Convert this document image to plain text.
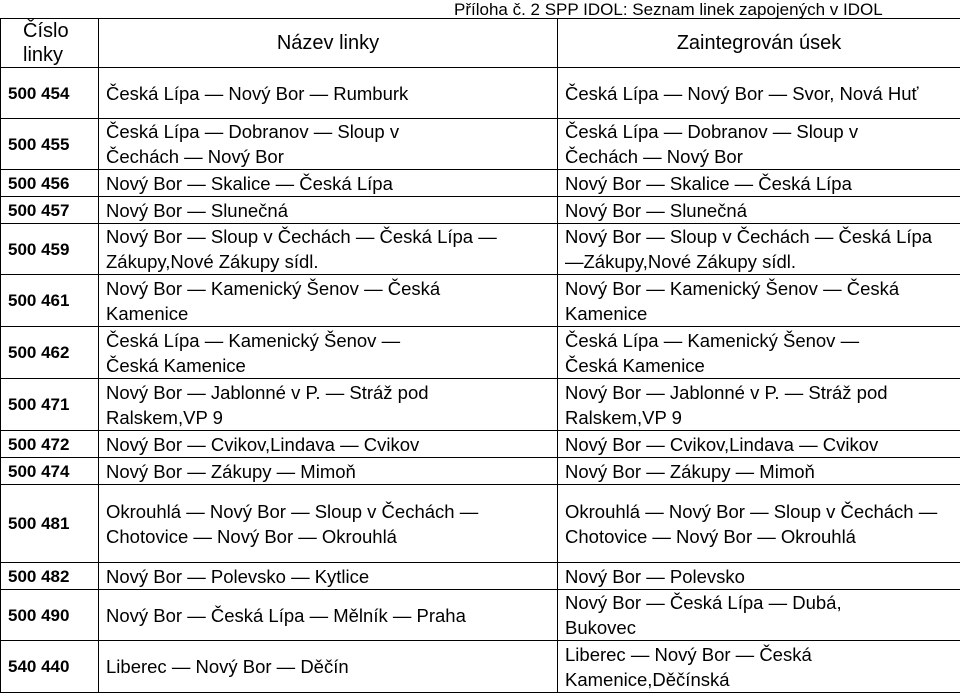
Příloha č. 2 SPP IDOL: Seznam linek zapojených v IDOL
Číslo linky	Název linky	Zaintegrován úsek
500 454	Česká Lípa — Nový Bor — Rumburk	Česká Lípa — Nový Bor — Svor, Nová Huť

500 455	Česká Lípa — Dobranov — Sloup v Čechách — Nový Bor	Česká Lípa — Dobranov — Sloup v Čechách — Nový Bor

500 456	Nový Bor — Skalice — Česká Lípa	Nový Bor — Skalice — Česká Lípa
500 457	Nový Bor — Slunečná	Nový Bor — Slunečná
500 459	Nový Bor — Sloup v Čechách — Česká Lípa — Zákupy,Nové Zákupy sídl.	Nový Bor — Sloup v Čechách — Česká Lípa —Zákupy,Nové Zákupy sídl.

500 461	Nový Bor — Kamenický Šenov — Česká Kamenice	Nový Bor — Kamenický Šenov — Česká Kamenice

500 462	Česká Lípa — Kamenický Šenov — Česká Kamenice	Česká Lípa — Kamenický Šenov — Česká Kamenice

500 471	Nový Bor — Jablonné v P. — Stráž pod Ralskem,VP 9	Nový Bor — Jablonné v P. — Stráž pod Ralskem,VP 9

500 472	Nový Bor — Cvikov,Lindava — Cvikov	Nový Bor — Cvikov,Lindava — Cvikov
500 474	Nový Bor — Zákupy — Mimoň	Nový Bor — Zákupy — Mimoň
500 481	Okrouhlá — Nový Bor — Sloup v Čechách — Chotovice — Nový Bor — Okrouhlá	Okrouhlá — Nový Bor — Sloup v Čechách — Chotovice — Nový Bor — Okrouhlá

500 482	Nový Bor — Polevsko — Kytlice	Nový Bor — Polevsko
500 490	Nový Bor — Česká Lípa — Mělník — Praha	Nový Bor — Česká Lípa — Dubá, Bukovec

540 440	Liberec — Nový Bor — Děčín	Liberec — Nový Bor — Česká Kamenice,Děčínská
